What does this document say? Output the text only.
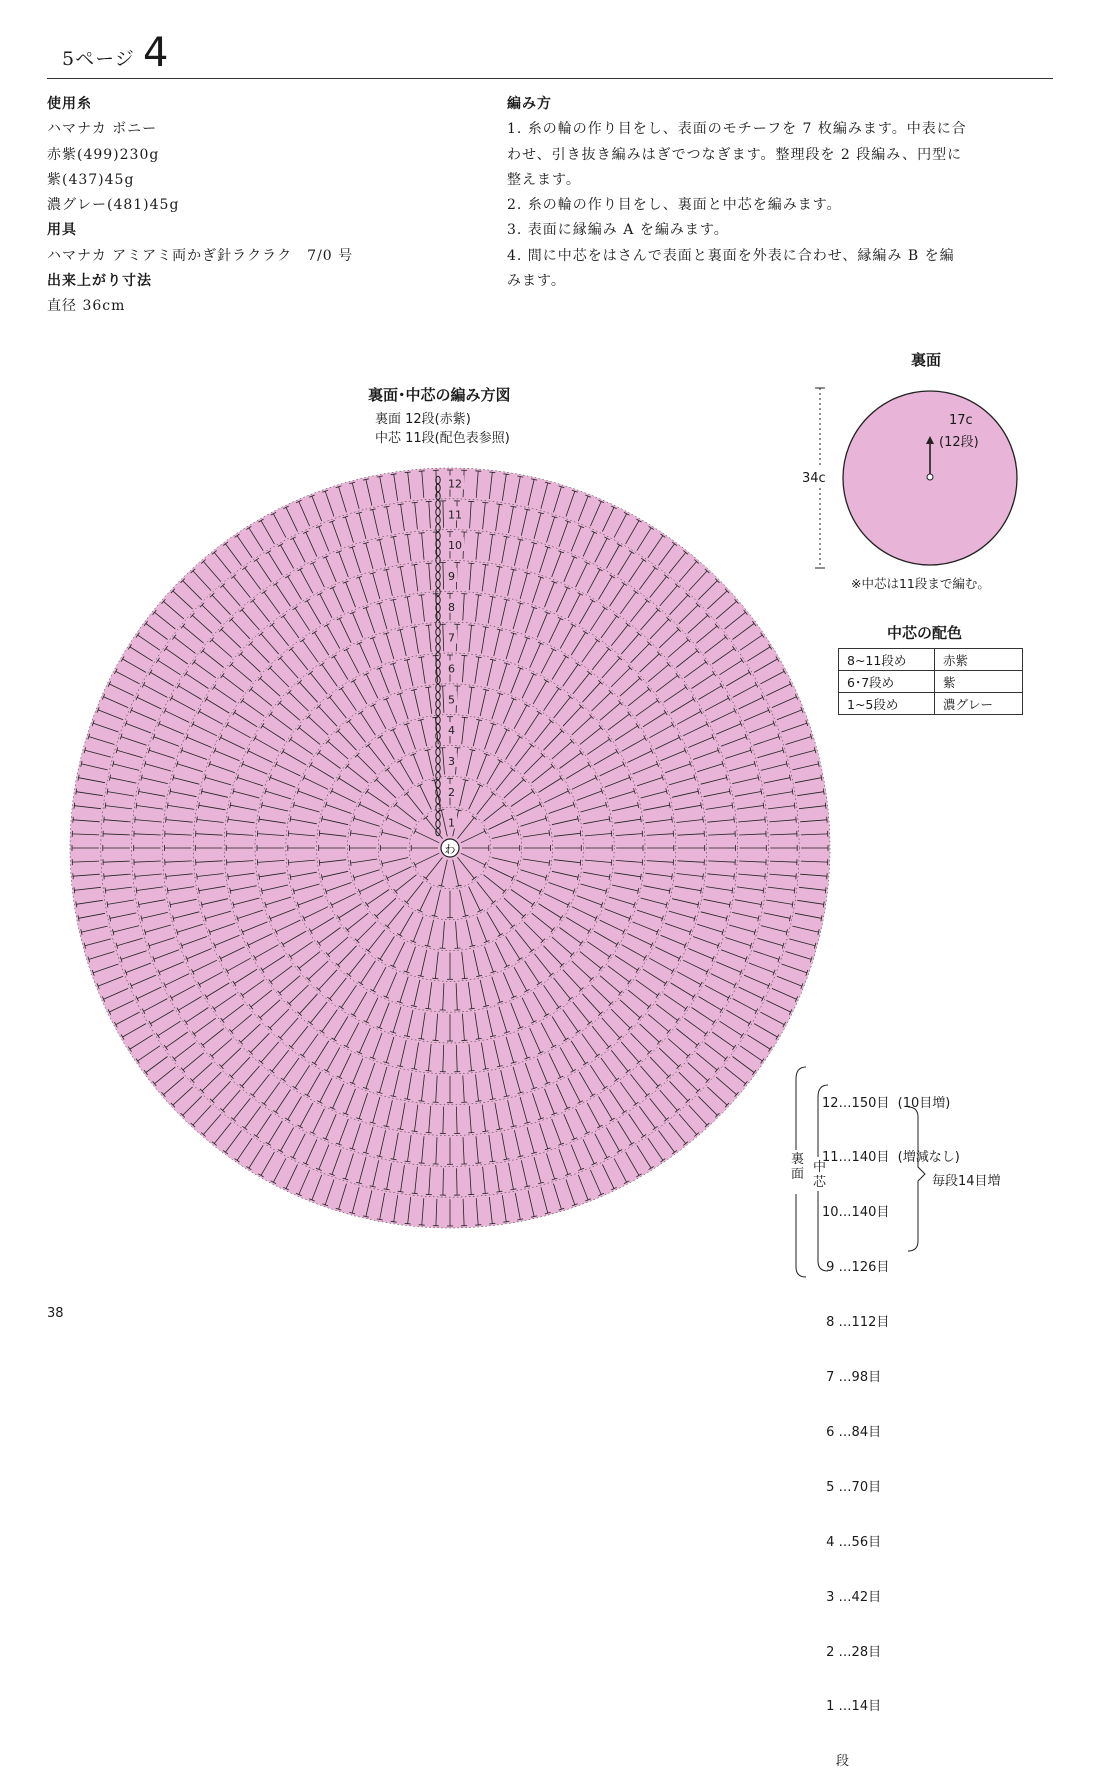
5ページ 4
使用糸
ハマナカ ボニー
赤紫(499)230g
紫(437)45g
濃グレー(481)45g
用具
ハマナカ アミアミ両かぎ針ラクラク　7/0 号
出来上がり寸法
直径 36cm
編み方
1. 糸の輪の作り目をし、表面のモチーフを 7 枚編みます。中表に合
わせ、引き抜き編みはぎでつなぎます。整理段を 2 段編み、円型に
整えます。
2. 糸の輪の作り目をし、裏面と中芯を編みます。
3. 表面に縁編み A を編みます。
4. 間に中芯をはさんで表面と裏面を外表に合わせ、縁編み B を編
みます。
裏面･中芯の編み方図
裏面 12段(赤紫)
中芯 11段(配色表参照)
わ
1
2
3
4
5
6
7
8
9
10
11
12
裏面
34c
17c
(12段)
※中芯は11段まで編む。
中芯の配色
8~11段め	赤紫
6･7段め	紫
1~5段め	濃グレー
裏面 中芯

12…150目 (10目増)

11…140目 (増減なし)

10…140目

9 …126目

8 …112目

7 …98目

6 …84目

5 …70目

4 …56目

3 …42目

2 …28目

1 …14目

段

毎段14目増
38
